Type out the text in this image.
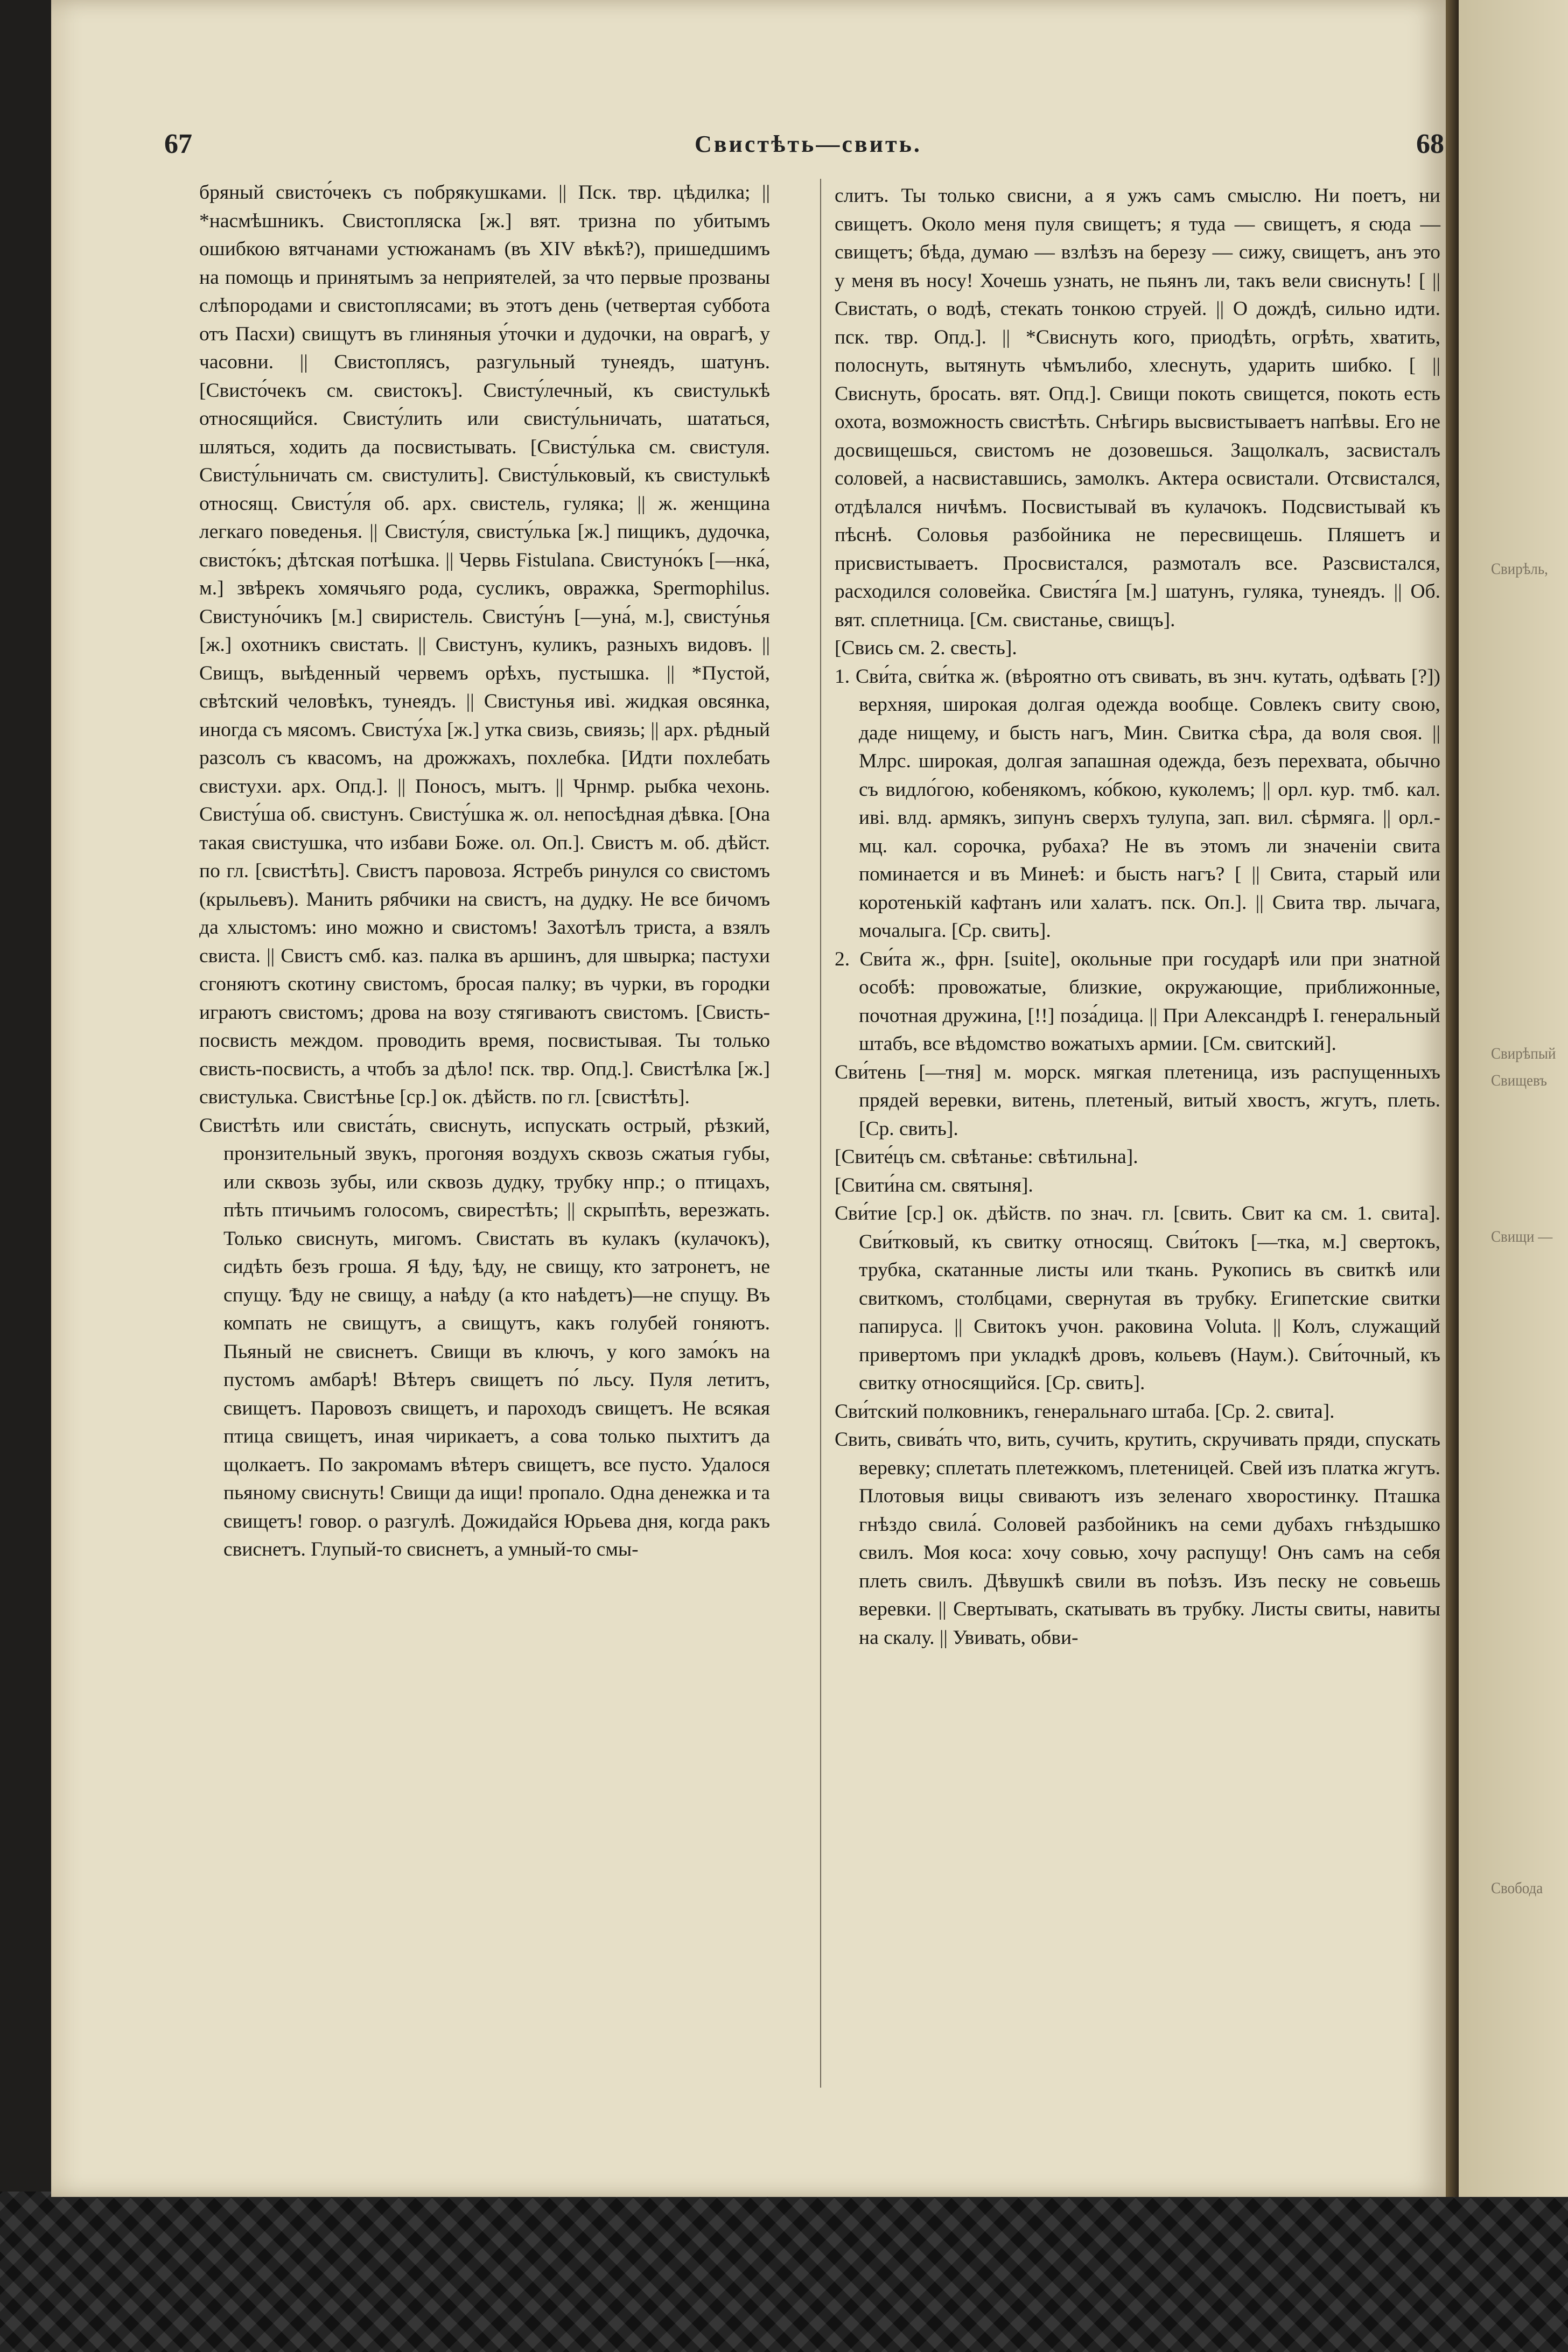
Свирѣль,
Свирѣпый
Свищевъ
Свищи —
Свобода
67	Свистѣть—свить.	68

бряный свисто́чекъ съ побрякушками. || Пск. твр. цѣдилка; || *насмѣшникъ. Свистопляска [ж.] вят. тризна по убитымъ ошибкою вятчанами устюжанамъ (въ XIV вѣкѣ?), пришедшимъ на помощь и принятымъ за неприятелей, за что первые прозваны слѣпородами и свистоплясами; въ этотъ день (четвертая суббота отъ Пасхи) свищутъ въ глиняныя у́точки и дудочки, на оврагѣ, у часовни. || Свистоплясъ, разгульный тунеядъ, шатунъ. [Свисто́чекъ см. свистокъ]. Свисту́лечный, къ свистулькѣ относящийся. Свисту́лить или свисту́льничать, шататься, шляться, ходить да посвистывать. [Свисту́лька см. свистуля. Свисту́льничать см. свистулить]. Свисту́льковый, къ свистулькѣ относящ. Свисту́ля об. арх. свистель, гуляка; || ж. женщина легкаго поведенья. || Свисту́ля, свисту́лька [ж.] пищикъ, дудочка, свисто́къ; дѣтская потѣшка. || Червь Fistulana. Свистуно́къ [—нка́, м.] звѣрекъ хомячьяго рода, сусликъ, овражка, Spermophilus. Свистуно́чикъ [м.] свиристель. Свисту́нъ [—уна́, м.], свисту́нья [ж.] охотникъ свистать. || Свистунъ, куликъ, разныхъ видовъ. || Свищъ, выѣденный червемъ орѣхъ, пустышка. || *Пустой, свѣтский человѣкъ, тунеядъ. || Свистунья иві. жидкая овсянка, иногда съ мясомъ. Свисту́ха [ж.] утка свизь, свиязь; || арх. рѣдный разсолъ съ квасомъ, на дрожжахъ, похлебка. [Идти похлебать свистухи. арх. Опд.]. || Поносъ, мытъ. || Чрнмр. рыбка чехонь. Свисту́ша об. свистунъ. Свисту́шка ж. ол. непосѣдная дѣвка. [Она такая свистушка, что избави Боже. ол. Оп.]. Свистъ м. об. дѣйст. по гл. [свистѣть]. Свистъ паровоза. Ястребъ ринулся со свистомъ (крыльевъ). Манить рябчики на свистъ, на дудку. Не все бичомъ да хлыстомъ: ино можно и свистомъ! Захотѣлъ триста, а взялъ свиста. || Свистъ смб. каз. палка въ аршинъ, для швырка; пастухи сгоняютъ скотину свистомъ, бросая палку; въ чурки, въ городки играютъ свистомъ; дрова на возу стягиваютъ свистомъ. [Свисть-посвисть междом. проводить время, посвистывая. Ты только свисть-посвисть, а чтобъ за дѣло! пск. твр. Опд.]. Свистѣлка [ж.] свистулька. Свистѣнье [ср.] ок. дѣйств. по гл. [свистѣть].

Свистѣть или свиста́ть, свиснуть, испускать острый, рѣзкий, пронзительный звукъ, прогоняя воздухъ сквозь сжатыя губы, или сквозь зубы, или сквозь дудку, трубку нпр.; о птицахъ, пѣть птичьимъ голосомъ, свирестѣть; || скрыпѣть, верезжать. Только свиснуть, мигомъ. Свистать въ кулакъ (кулачокъ), сидѣть безъ гроша. Я ѣду, ѣду, не свищу, кто затронетъ, не спущу. Ѣду не свищу, а наѣду (а кто наѣдетъ)—не спущу. Въ компать не свищутъ, а свищутъ, какъ голубей гоняютъ. Пьяный не свиснетъ. Свищи въ ключъ, у кого замо́къ на пустомъ амбарѣ! Вѣтеръ свищетъ по́ льсу. Пуля летитъ, свищетъ. Паровозъ свищетъ, и пароходъ свищетъ. Не всякая птица свищетъ, иная чирикаетъ, а сова только пыхтитъ да щолкаетъ. По закромамъ вѣтеръ свищетъ, все пусто. Удалося пьяному свиснуть! Свищи да ищи! пропало. Одна денежка и та свищетъ! говор. о разгулѣ. Дожидайся Юрьева дня, когда ракъ свиснетъ. Глупый-то свиснетъ, а умный-то смы-

слитъ. Ты только свисни, а я ужъ самъ смыслю. Ни поетъ, ни свищетъ. Около меня пуля свищетъ; я туда — свищетъ, я сюда — свищетъ; бѣда, думаю — взлѣзъ на березу — сижу, свищетъ, анъ это у меня въ носу! Хочешь узнать, не пьянъ ли, такъ вели свиснуть! [ || Свистать, о водѣ, стекать тонкою струей. || О дождѣ, сильно идти. пск. твр. Опд.]. || *Свиснуть кого, приодѣть, огрѣть, хватить, полоснуть, вытянуть чѣмълибо, хлеснуть, ударить шибко. [ || Свиснуть, бросать. вят. Опд.]. Свищи покоть свищется, покоть есть охота, возможность свистѣть. Снѣгирь высвистываетъ напѣвы. Его не досвищешься, свистомъ не дозовешься. Защолкалъ, засвисталъ соловей, а насвиставшись, замолкъ. Актера освистали. Отсвистался, отдѣлался ничѣмъ. Посвистывай въ кулачокъ. Подсвистывай къ пѣснѣ. Соловья разбойника не пересвищешь. Пляшетъ и присвистываетъ. Просвистался, размоталъ все. Разсвистался, расходился соловейка. Свистя́га [м.] шатунъ, гуляка, тунеядъ. || Об. вят. сплетница. [См. свистанье, свищъ].

[Свись см. 2. свесть].

1. Сви́та, сви́тка ж. (вѣроятно отъ свивать, въ знч. кутать, одѣвать [?]) верхняя, широкая долгая одежда вообще. Совлекъ свиту свою, даде нищему, и бысть нагъ, Мин. Свитка сѣра, да воля своя. || Млрс. широкая, долгая запашная одежда, безъ перехвата, обычно съ видло́гою, кобенякомъ, ко́бкою, куколемъ; || орл. кур. тмб. кал. иві. влд. армякъ, зипунъ сверхъ тулупа, зап. вил. сѣрмяга. || орл.-мц. кал. сорочка, рубаха? Не въ этомъ ли значеніи свита поминается и въ Минеѣ: и бысть нагъ? [ || Свита, старый или коротенькій кафтанъ или халатъ. пск. Оп.]. || Свита твр. лычага, мочалыга. [Ср. свить].

2. Сви́та ж., фрн. [suite], окольные при государѣ или при знатной особѣ: провожатые, близкие, окружающие, приближонные, почотная дружина, [!!] поза́дица. || При Александрѣ I. генеральный штабъ, все вѣдомство вожатыхъ армии. [См. свитский].

Сви́тень [—тня] м. морск. мягкая плетеница, изъ распущенныхъ прядей веревки, витень, плетеный, витый хвостъ, жгутъ, плеть. [Ср. свить].

[Свите́цъ см. свѣтанье: свѣтильна].

[Свити́на см. святыня].

Сви́тие [ср.] ок. дѣйств. по знач. гл. [свить. Свит ка см. 1. свита]. Сви́тковый, къ свитку относящ. Сви́токъ [—тка, м.] свертокъ, трубка, скатанные листы или ткань. Рукопись въ свиткѣ или свиткомъ, столбцами, свернутая въ трубку. Египетские свитки папируса. || Свитокъ учон. раковина Voluta. || Колъ, служащий привертомъ при укладкѣ дровъ, кольевъ (Наум.). Сви́точный, къ свитку относящийся. [Ср. свить].

Сви́тский полковникъ, генеральнаго штаба. [Ср. 2. свита].

Свить, свива́ть что, вить, сучить, крутить, скручивать пряди, спускать веревку; сплетать плетежкомъ, плетеницей. Свей изъ платка жгутъ. Плотовыя вицы свиваютъ изъ зеленаго хворостинку. Пташка гнѣздо свила́. Соловей разбойникъ на семи дубахъ гнѣздышко свилъ. Моя коса: хочу совью, хочу распущу! Онъ самъ на себя плеть свилъ. Дѣвушкѣ свили въ поѣзъ. Изъ песку не совьешь веревки. || Свертывать, скатывать въ трубку. Листы свиты, навиты на скалу. || Увивать, обви-
